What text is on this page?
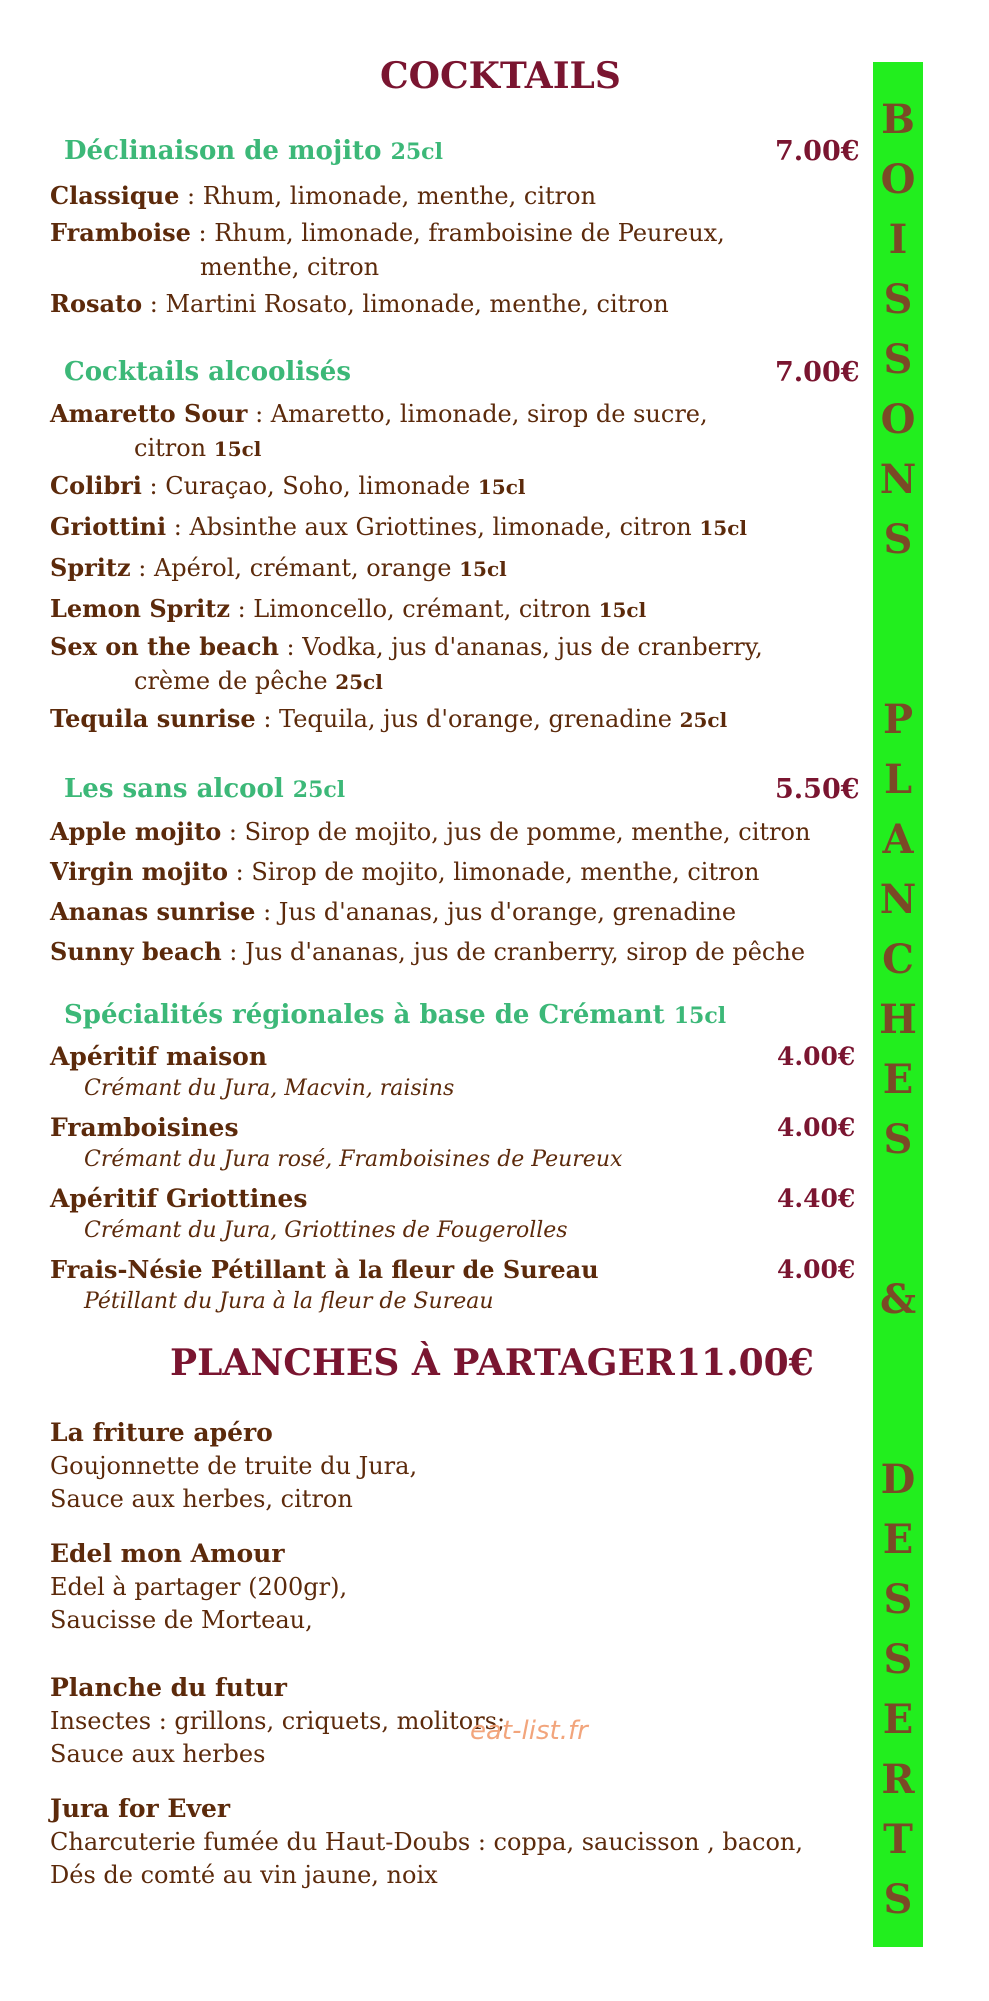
COCKTAILS
Déclinaison de mojito 25cl	7.00€
Classique : Rhum, limonade, menthe, citron
Framboise : Rhum, limonade, framboisine de Peureux,
menthe, citron
Rosato : Martini Rosato, limonade, menthe, citron
Cocktails alcoolisés	7.00€
Amaretto Sour : Amaretto, limonade, sirop de sucre,
citron 15cl
Colibri : Curaçao, Soho, limonade 15cl
Griottini : Absinthe aux Griottines, limonade, citron 15cl
Spritz : Apérol, crémant, orange 15cl
Lemon Spritz : Limoncello, crémant, citron 15cl
Sex on the beach : Vodka, jus d'ananas, jus de cranberry,
crème de pêche 25cl
Tequila sunrise : Tequila, jus d'orange, grenadine 25cl
Les sans alcool 25cl	5.50€
Apple mojito : Sirop de mojito, jus de pomme, menthe, citron
Virgin mojito : Sirop de mojito, limonade, menthe, citron
Ananas sunrise : Jus d'ananas, jus d'orange, grenadine
Sunny beach : Jus d'ananas, jus de cranberry, sirop de pêche
Spécialités régionales à base de Crémant 15cl
Apéritif maison	4.00€
Crémant du Jura, Macvin, raisins
Framboisines	4.00€
Crémant du Jura rosé, Framboisines de Peureux
Apéritif Griottines	4.40€
Crémant du Jura, Griottines de Fougerolles
Frais-Nésie Pétillant à la fleur de Sureau	4.00€
Pétillant du Jura à la fleur de Sureau
PLANCHES À PARTAGER 11.00€
La friture apéro
Goujonnette de truite du Jura,
Sauce aux herbes, citron
Edel mon Amour
Edel à partager (200gr),
Saucisse de Morteau,
Planche du futur
Insectes : grillons, criquets, molitors;
Sauce aux herbes
Jura for Ever
Charcuterie fumée du Haut-Doubs : coppa, saucisson , bacon,
Dés de comté au vin jaune, noix
eat-list.fr
B
O
I
S
S
O
N
S
P
L
A
N
C
H
E
S
&
D
E
S
S
E
R
T
S
